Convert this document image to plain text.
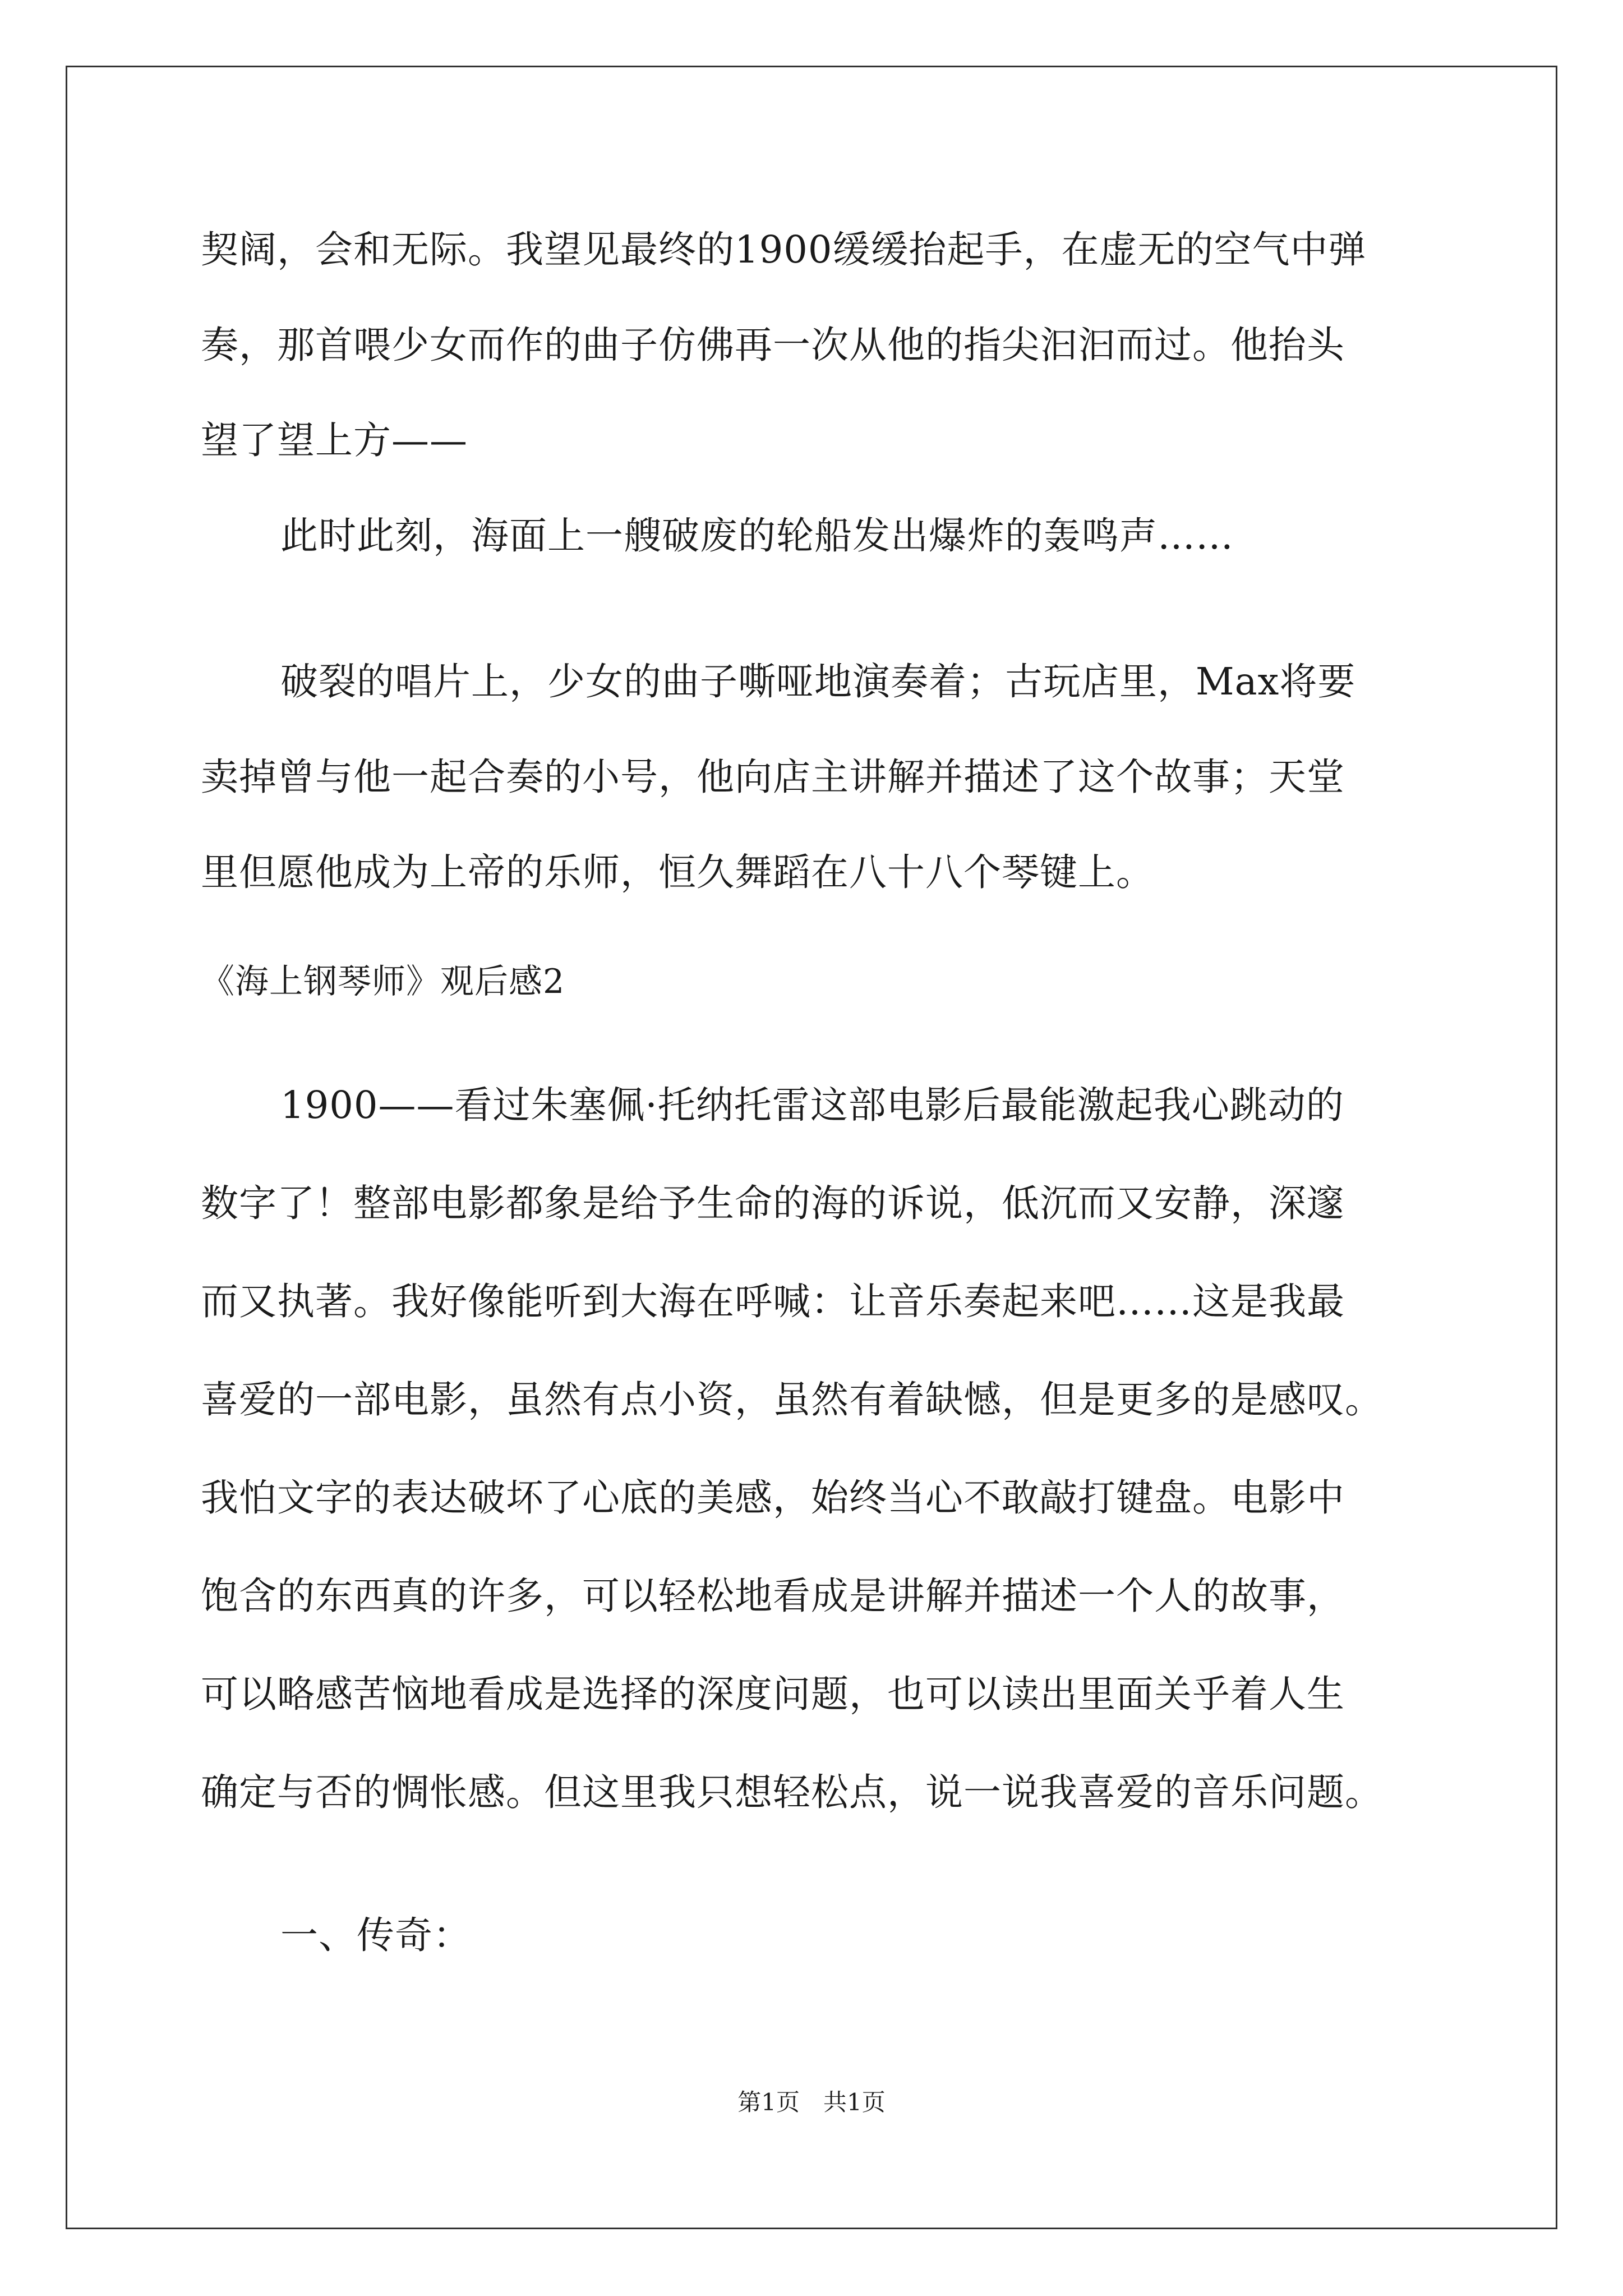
契阔，会和无际。我望见最终的1900缓缓抬起手，在虚无的空气中弹
奏，那首喂少女而作的曲子仿佛再一次从他的指尖汩汩而过。他抬头
望了望上方——
此时此刻，海面上一艘破废的轮船发出爆炸的轰鸣声……
破裂的唱片上，少女的曲子嘶哑地演奏着；古玩店里，Max将要
卖掉曾与他一起合奏的小号，他向店主讲解并描述了这个故事；天堂
里但愿他成为上帝的乐师，恒久舞蹈在八十八个琴键上。
《海上钢琴师》观后感2
1900——看过朱塞佩·托纳托雷这部电影后最能激起我心跳动的
数字了！整部电影都象是给予生命的海的诉说，低沉而又安静，深邃
而又执著。我好像能听到大海在呼喊：让音乐奏起来吧……这是我最
喜爱的一部电影，虽然有点小资，虽然有着缺憾，但是更多的是感叹。
我怕文字的表达破坏了心底的美感，始终当心不敢敲打键盘。电影中
饱含的东西真的许多，可以轻松地看成是讲解并描述一个人的故事，
可以略感苦恼地看成是选择的深度问题，也可以读出里面关乎着人生
确定与否的惆怅感。但这里我只想轻松点，说一说我喜爱的音乐问题。
一、传奇：
第1页　共1页
